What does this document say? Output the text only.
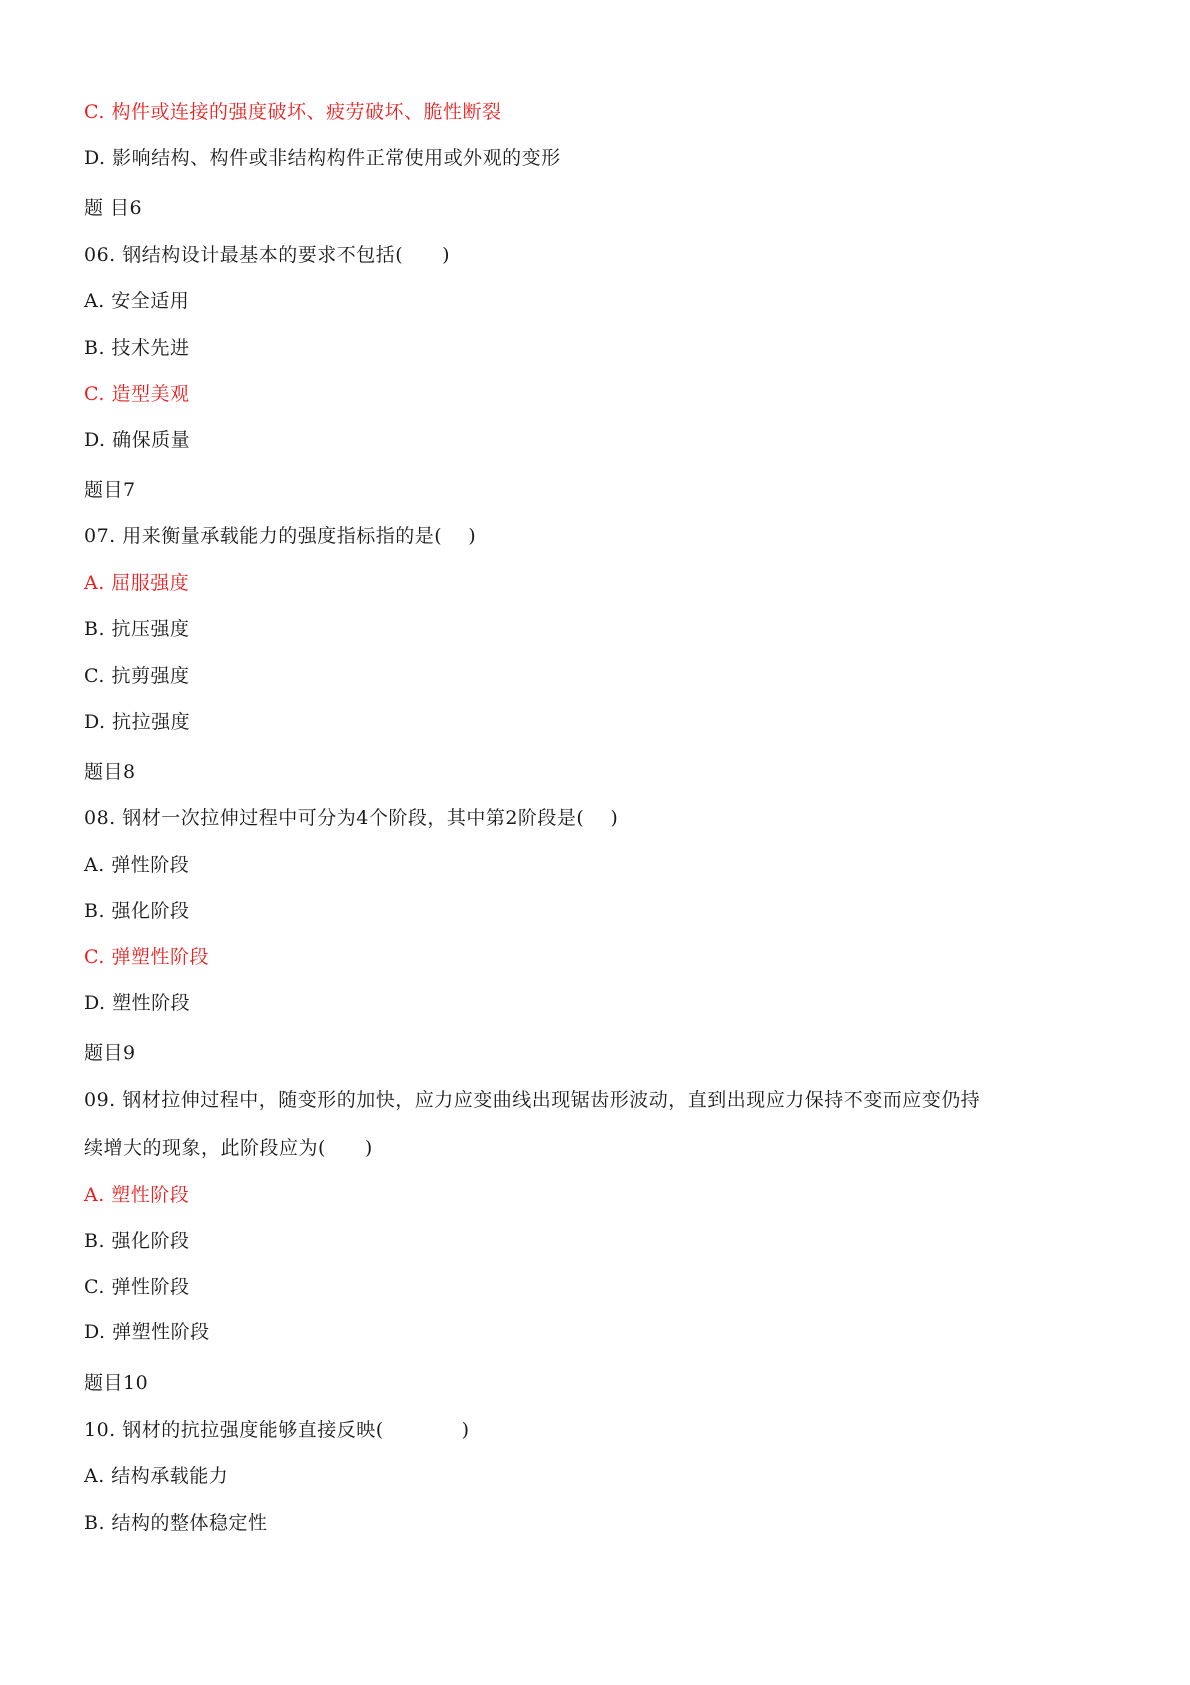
C. 构件或连接的强度破坏、疲劳破坏、脆性断裂
D. 影响结构、构件或非结构构件正常使用或外观的变形
题 目6
06. 钢结构设计最基本的要求不包括(　　)
A. 安全适用
B. 技术先进
C. 造型美观
D. 确保质量
题目7
07. 用来衡量承载能力的强度指标指的是(　 )
A. 屈服强度
B. 抗压强度
C. 抗剪强度
D. 抗拉强度
题目8
08. 钢材一次拉伸过程中可分为4个阶段，其中第2阶段是(　 )
A. 弹性阶段
B. 强化阶段
C. 弹塑性阶段
D. 塑性阶段
题目9
09. 钢材拉伸过程中，随变形的加快，应力应变曲线出现锯齿形波动，直到出现应力保持不变而应变仍持
续增大的现象，此阶段应为(　　)
A. 塑性阶段
B. 强化阶段
C. 弹性阶段
D. 弹塑性阶段
题目10
10. 钢材的抗拉强度能够直接反映(　　　　)
A. 结构承载能力
B. 结构的整体稳定性
